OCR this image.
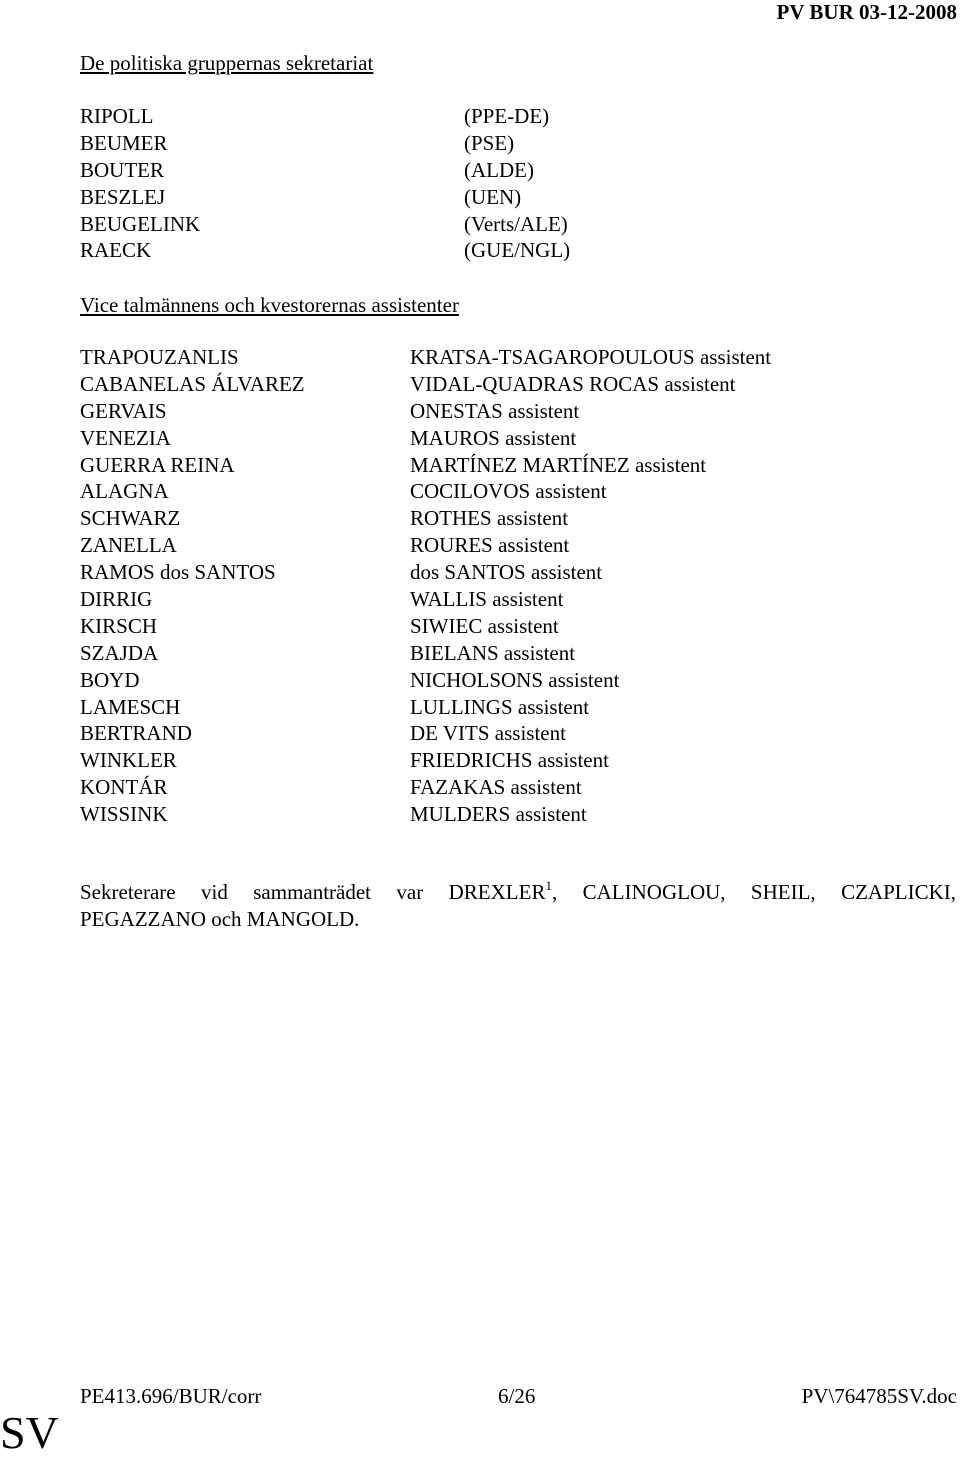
PV BUR 03-12-2008
De politiska gruppernas sekretariat
RIPOLL
BEUMER
BOUTER
BESZLEJ
BEUGELINK
RAECK
(PPE-DE)
(PSE)
(ALDE)
(UEN)
(Verts/ALE)
(GUE/NGL)
Vice talmännens och kvestorernas assistenter
TRAPOUZANLIS
CABANELAS ÁLVAREZ
GERVAIS
VENEZIA
GUERRA REINA
ALAGNA
SCHWARZ
ZANELLA
RAMOS dos SANTOS
DIRRIG
KIRSCH
SZAJDA
BOYD
LAMESCH
BERTRAND
WINKLER
KONTÁR
WISSINK
KRATSA-TSAGAROPOULOUS assistent
VIDAL-QUADRAS ROCAS assistent
ONESTAS assistent
MAUROS assistent
MARTÍNEZ MARTÍNEZ assistent
COCILOVOS assistent
ROTHES assistent
ROURES assistent
dos SANTOS assistent
WALLIS assistent
SIWIEC assistent
BIELANS assistent
NICHOLSONS assistent
LULLINGS assistent
DE VITS assistent
FRIEDRICHS assistent
FAZAKAS assistent
MULDERS assistent
Sekreterare vid sammanträdet var DREXLER$^1$, CALINOGLOU, SHEIL, CZAPLICKI,
PEGAZZANO och MANGOLD.
PE413.696/BUR/corr	6/26	PV\764785SV.doc
SV
